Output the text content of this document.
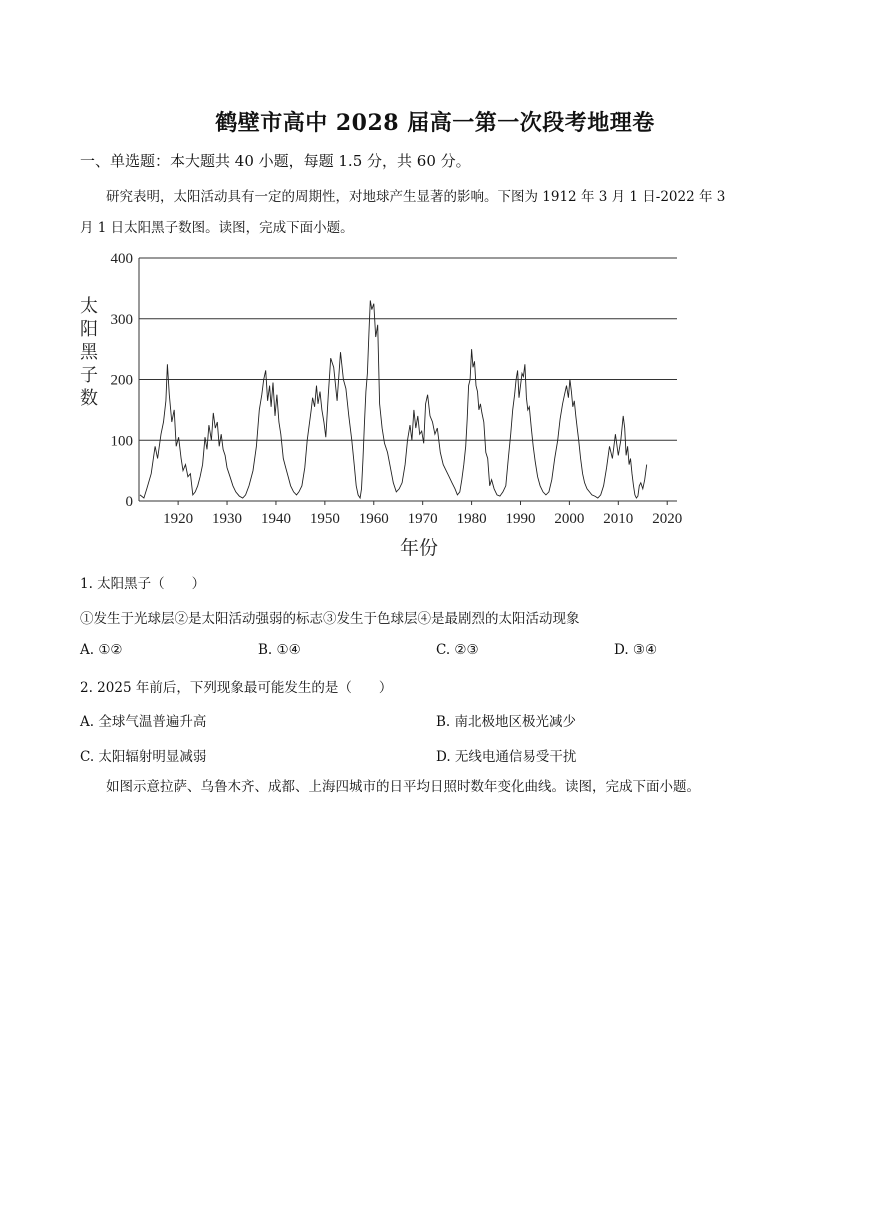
鹤壁市高中 2028 届高一第一次段考地理卷
一、单选题：本大题共 40 小题，每题 1.5 分，共 60 分。
研究表明，太阳活动具有一定的周期性，对地球产生显著的影响。下图为 1912 年 3 月 1 日-2022 年 3
月 1 日太阳黑子数图。读图，完成下面小题。
0
100
200
300
400
1920 1930 1940 1950 1960 1970 1980 1990 2000 2010 2020
太
阳
黑
子
数
年份
1. 太阳黑子（　　）
①发生于光球层②是太阳活动强弱的标志③发生于色球层④是最剧烈的太阳活动现象
A. ①②	B. ①④	C. ②③	D. ③④
2. 2025 年前后，下列现象最可能发生的是（　　）
A. 全球气温普遍升高	B. 南北极地区极光减少
C. 太阳辐射明显减弱	D. 无线电通信易受干扰
如图示意拉萨、乌鲁木齐、成都、上海四城市的日平均日照时数年变化曲线。读图，完成下面小题。
